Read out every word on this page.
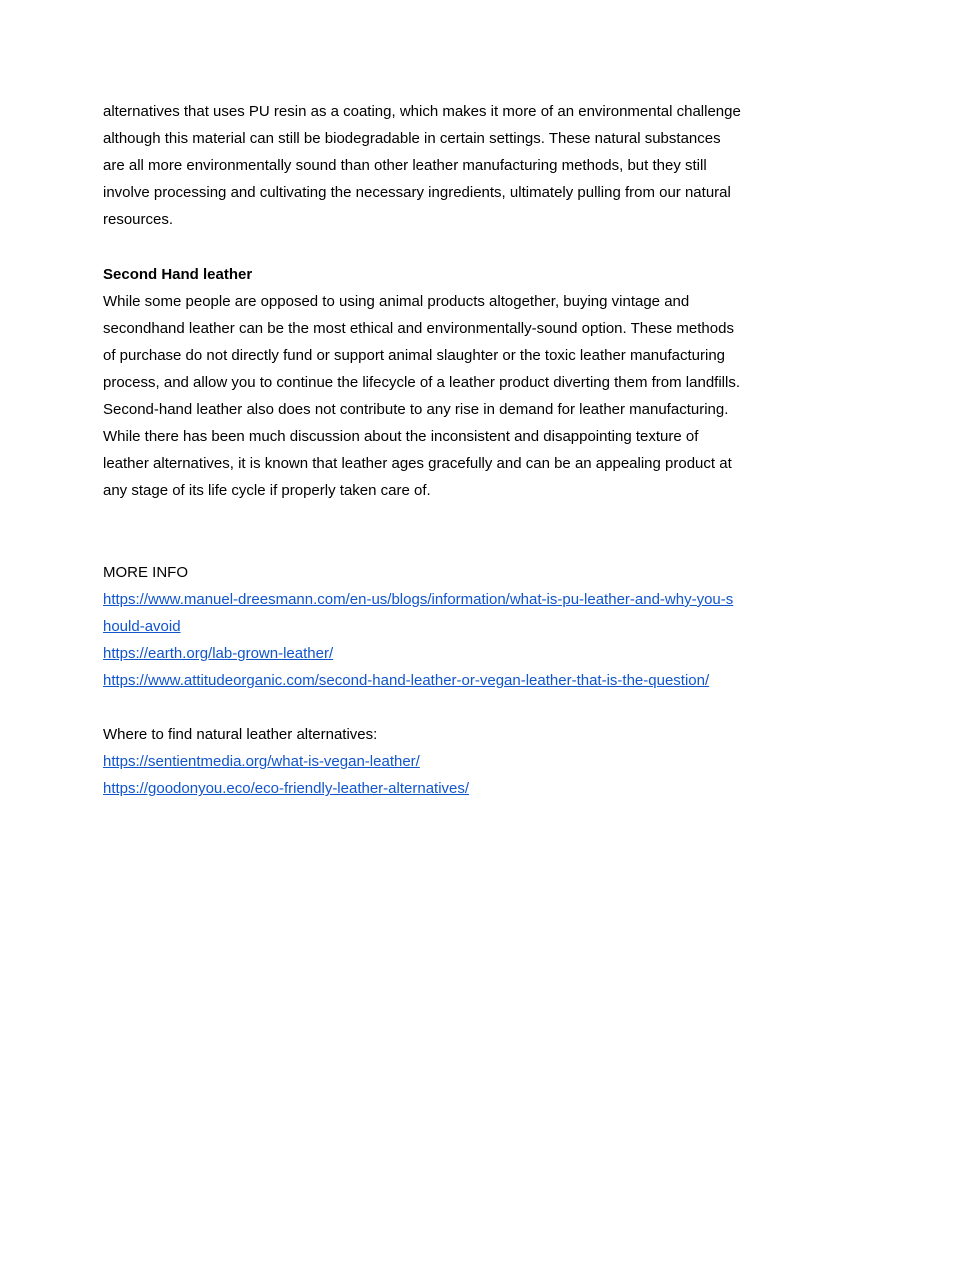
alternatives that uses PU resin as a coating, which makes it more of an environmental challenge
although this material can still be biodegradable in certain settings. These natural substances
are all more environmentally sound than other leather manufacturing methods, but they still
involve processing and cultivating the necessary ingredients, ultimately pulling from our natural
resources.
Second Hand leather
While some people are opposed to using animal products altogether, buying vintage and
secondhand leather can be the most ethical and environmentally-sound option. These methods
of purchase do not directly fund or support animal slaughter or the toxic leather manufacturing
process, and allow you to continue the lifecycle of a leather product diverting them from landfills.
Second-hand leather also does not contribute to any rise in demand for leather manufacturing.
While there has been much discussion about the inconsistent and disappointing texture of
leather alternatives, it is known that leather ages gracefully and can be an appealing product at
any stage of its life cycle if properly taken care of.
MORE INFO
https://www.manuel-dreesmann.com/en-us/blogs/information/what-is-pu-leather-and-why-you-s
hould-avoid
https://earth.org/lab-grown-leather/
https://www.attitudeorganic.com/second-hand-leather-or-vegan-leather-that-is-the-question/
Where to find natural leather alternatives:
https://sentientmedia.org/what-is-vegan-leather/
https://goodonyou.eco/eco-friendly-leather-alternatives/
